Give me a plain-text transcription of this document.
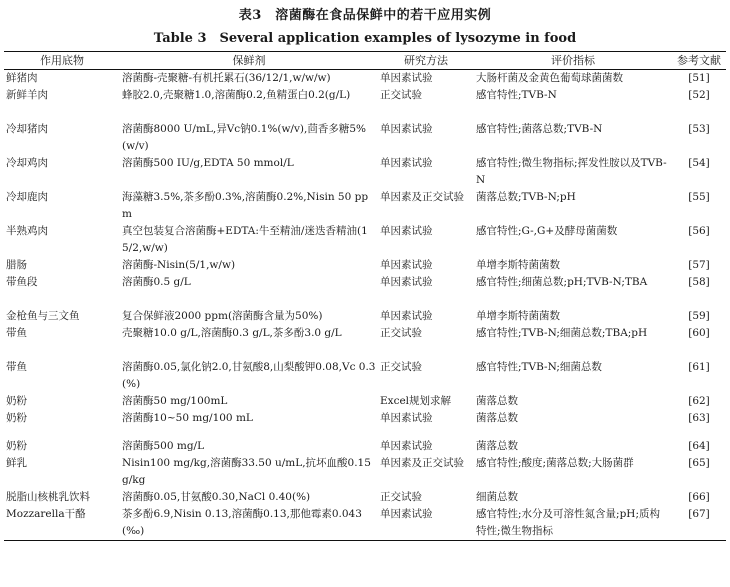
表3　溶菌酶在食品保鲜中的若干应用实例
Table 3　Several application examples of lysozyme in food
作用底物	保鲜剂	研究方法	评价指标	参考文献
鲜猪肉	溶菌酶-壳聚糖-有机托累石(36/12/1,w/w/w)	单因素试验	大肠杆菌及金黄色葡萄球菌菌数	[51]
新鲜羊肉	蜂胶2.0,壳聚糖1.0,溶菌酶0.2,鱼精蛋白0.2(g/L)	正交试验	感官特性;TVB-N	[52]
冷却猪肉	溶菌酶8000 U/mL,异Vc钠0.1%(w/v),茴香多糖5%(w/v)	单因素试验	感官特性;菌落总数;TVB-N	[53]
冷却鸡肉	溶菌酶500 IU/g,EDTA 50 mmol/L	单因素试验	感官特性;微生物指标;挥发性胺以及TVB-N	[54]
冷却鹿肉	海藻糖3.5%,茶多酚0.3%,溶菌酶0.2%,Nisin 50 ppm	单因素及正交试验	菌落总数;TVB-N;pH	[55]
半熟鸡肉	真空包装复合溶菌酶+EDTA:牛至精油/迷迭香精油(15/2,w/w)	单因素试验	感官特性;G-,G+及酵母菌菌数	[56]
腊肠	溶菌酶-Nisin(5/1,w/w)	单因素试验	单增李斯特菌菌数	[57]
带鱼段	溶菌酶0.5 g/L	单因素试验	感官特性;细菌总数;pH;TVB-N;TBA	[58]
金枪鱼与三文鱼	复合保鲜液2000 ppm(溶菌酶含量为50%)	单因素试验	单增李斯特菌菌数	[59]
带鱼	壳聚糖10.0 g/L,溶菌酶0.3 g/L,茶多酚3.0 g/L	正交试验	感官特性;TVB-N;细菌总数;TBA;pH	[60]
带鱼	溶菌酶0.05,氯化钠2.0,甘氨酸8,山梨酸钾0.08,Vc 0.3(%)	正交试验	感官特性;TVB-N;细菌总数	[61]
奶粉	溶菌酶50 mg/100mL	Excel规划求解	菌落总数	[62]
奶粉	溶菌酶10~50 mg/100 mL	单因素试验	菌落总数	[63]
奶粉	溶菌酶500 mg/L	单因素试验	菌落总数	[64]
鲜乳	Nisin100 mg/kg,溶菌酶33.50 u/mL,抗坏血酸0.15 g/kg	单因素及正交试验	感官特性;酸度;菌落总数;大肠菌群	[65]
脱脂山核桃乳饮料	溶菌酶0.05,甘氨酸0.30,NaCl 0.40(%)	正交试验	细菌总数	[66]
Mozzarella干酪	茶多酚6.9,Nisin 0.13,溶菌酶0.13,那他霉素0.043(‰)	单因素试验	感官特性;水分及可溶性氮含量;pH;质构特性;微生物指标	[67]
